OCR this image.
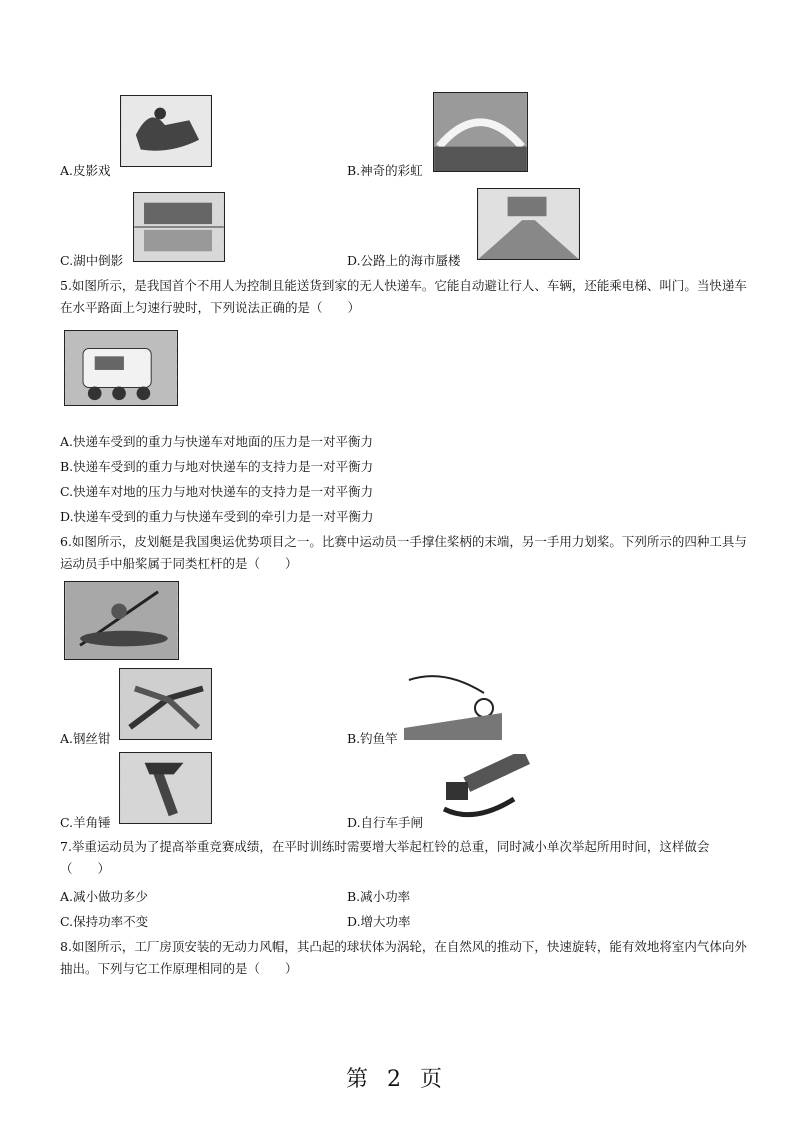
A.皮影戏	B.神奇的彩虹
C.湖中倒影	D.公路上的海市蜃楼
5.如图所示，是我国首个不用人为控制且能送货到家的无人快递车。它能自动避让行人、车辆，还能乘电梯、叫门。当快递车在水平路面上匀速行驶时，下列说法正确的是（　　）
A.快递车受到的重力与快递车对地面的压力是一对平衡力
B.快递车受到的重力与地对快递车的支持力是一对平衡力
C.快递车对地的压力与地对快递车的支持力是一对平衡力
D.快递车受到的重力与快递车受到的牵引力是一对平衡力
6.如图所示，皮划艇是我国奥运优势项目之一。比赛中运动员一手撑住桨柄的末端，另一手用力划桨。下列所示的四种工具与运动员手中船桨属于同类杠杆的是（　　）
A.钢丝钳	B.钓鱼竿
C.羊角锤	D.自行车手闸
7.举重运动员为了提高举重竞赛成绩，在平时训练时需要增大举起杠铃的总重，同时减小单次举起所用时间，这样做会（　　）
A.减小做功多少	B.减小功率
C.保持功率不变	D.增大功率
8.如图所示，工厂房顶安装的无动力风帽，其凸起的球状体为涡轮，在自然风的推动下，快速旋转，能有效地将室内气体向外抽出。下列与它工作原理相同的是（　　）
第 2 页
